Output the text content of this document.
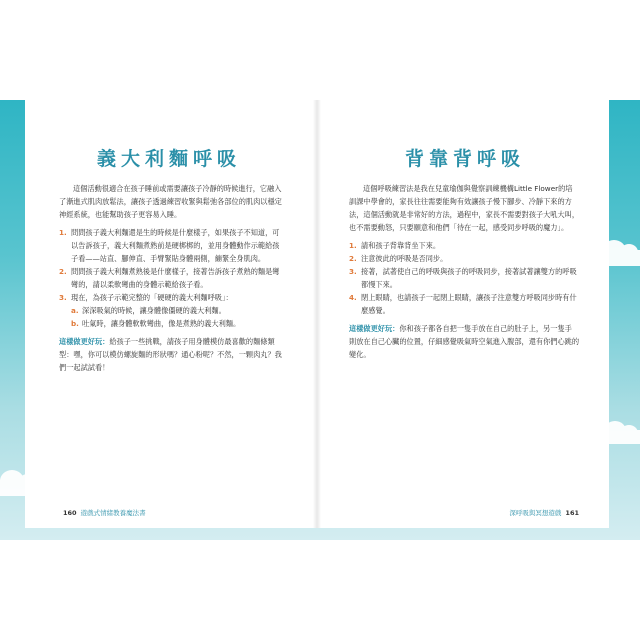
義大利麵呼吸
這個活動很適合在孩子睡前或需要讓孩子冷靜的時候進行，它融入了漸進式肌肉放鬆法，讓孩子透過練習收緊與鬆弛各部位的肌肉以穩定神經系統，也能幫助孩子更容易入睡。
1. 問問孩子義大利麵還是生的時候是什麼樣子，如果孩子不知道，可以告訴孩子，義大利麵煮熟前是硬梆梆的，並用身體動作示範給孩子看——站直、腳伸直、手臂緊貼身體兩側，繃緊全身肌肉。
2. 問問孩子義大利麵煮熟後是什麼樣子，接著告訴孩子煮熟的麵是彎彎的，請以柔軟彎曲的身體示範給孩子看。
3. 現在，為孩子示範完整的「硬硬的義大利麵呼吸」：
a. 深深吸氣的時候，讓身體像僵硬的義大利麵。
b. 吐氣時，讓身體軟軟彎曲，像是煮熟的義大利麵。
這樣做更好玩：給孩子一些挑戰，請孩子用身體模仿最喜歡的麵條類型：嘿，你可以模仿螺旋麵的形狀嗎？通心粉呢？不然，一顆肉丸？我們一起試試看！
160 遊戲式情緒教養魔法書
背靠背呼吸
這個呼吸練習法是我在兒童瑜伽與覺察訓練機構Little Flower的培訓課中學會的，家長往往需要能夠有效讓孩子慢下腳步、冷靜下來的方法，這個活動就是非常好的方法，過程中，家長不需要對孩子大吼大叫，也不需要動怒，只要願意和他們「待在一起，感受同步呼吸的魔力」。
1. 請和孩子背靠背坐下來。
2. 注意彼此的呼吸是否同步。
3. 接著，試著使自己的呼吸與孩子的呼吸同步，接著試著讓雙方的呼吸都慢下來。
4. 閉上眼睛，也請孩子一起閉上眼睛，讓孩子注意雙方呼吸同步時有什麼感覺。
這樣做更好玩：你和孩子都各自把一隻手放在自己的肚子上，另一隻手則放在自己心臟的位置，仔細感覺吸氣時空氣進入腹部，還有你們心跳的變化。
深呼吸與冥想遊戲 161
